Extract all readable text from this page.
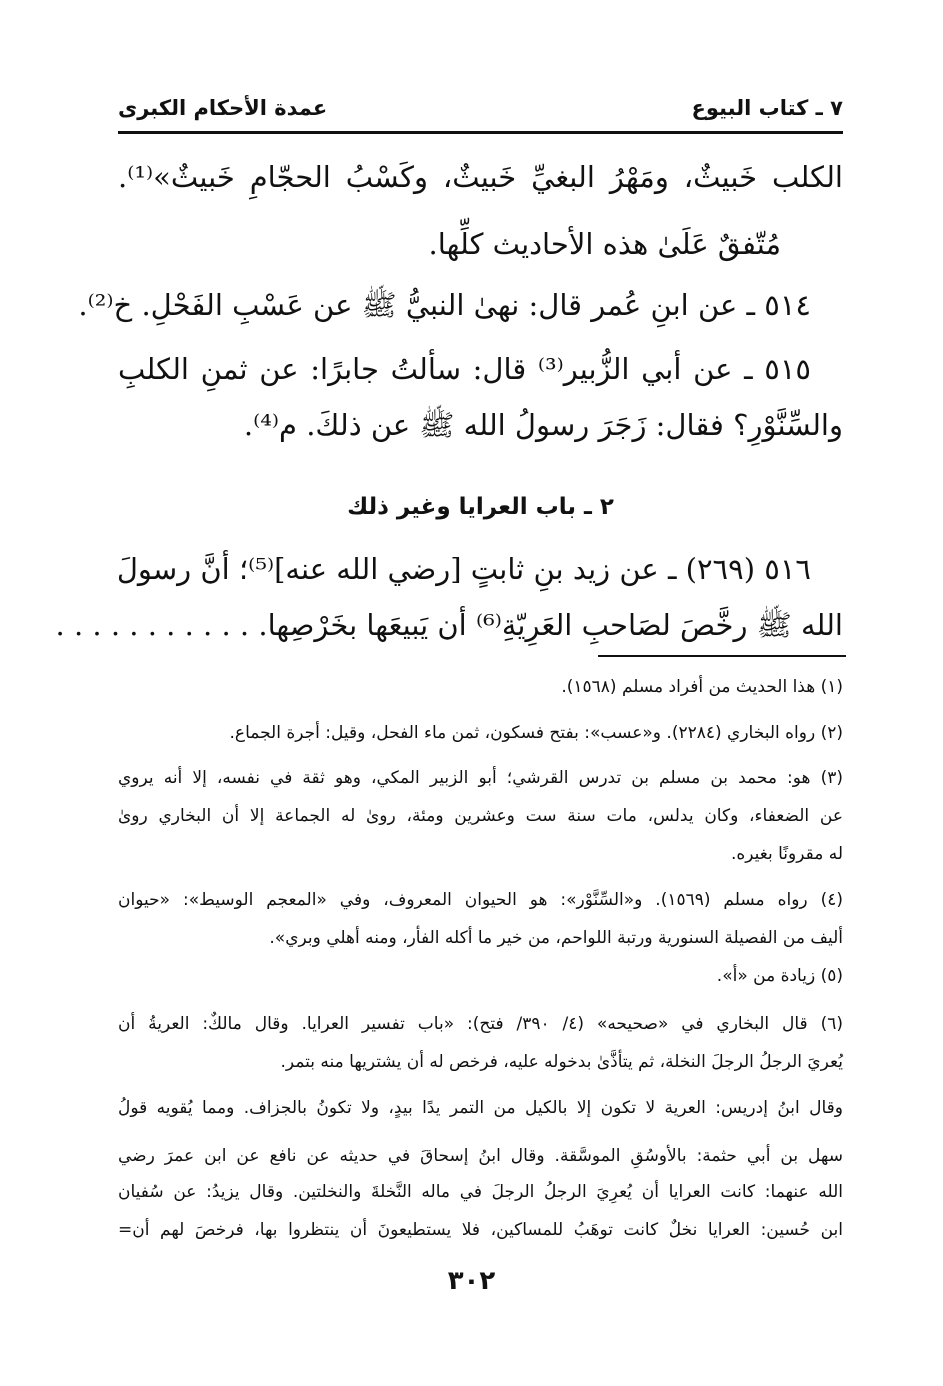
٧ ـ كتاب البيوع
عمدة الأحكام الكبرى
الكلب خَبيثٌ، ومَهْرُ البغيِّ خَبيثٌ، وكَسْبُ الحجّامِ خَبيثٌ»⁽¹⁾.
مُتّفقٌ عَلَىٰ هذه الأحاديث كلِّها.
٥١٤ ـ عن ابنِ عُمر قال: نهىٰ النبيُّ ﷺ عن عَسْبِ الفَحْلِ. خ⁽²⁾.
٥١٥ ـ عن أبي الزُّبير⁽³⁾ قال: سألتُ جابرًا: عن ثمنِ الكلبِ
والسِّنَّوْرِ؟ فقال: زَجَرَ رسولُ الله ﷺ عن ذلكَ. م⁽⁴⁾.
٢ ـ باب العرايا وغير ذلك
٥١٦ (٢٦٩) ـ عن زيد بنِ ثابتٍ [رضي الله عنه]⁽⁵⁾؛ أنَّ رسولَ
الله ﷺ رخَّصَ لصَاحبِ العَرِيّةِ⁽⁶⁾ أن يَبيعَها بخَرْصِها. . . . . . . . . . . .
(١) هذا الحديث من أفراد مسلم (١٥٦٨).
(٢) رواه البخاري (٢٢٨٤). و«عسب»: بفتح فسكون، ثمن ماء الفحل، وقيل: أجرة الجماع.
(٣) هو: محمد بن مسلم بن تدرس القرشي؛ أبو الزبير المكي، وهو ثقة في نفسه، إلا أنه يروي
عن الضعفاء، وكان يدلس، مات سنة ست وعشرين ومئة، روىٰ له الجماعة إلا أن البخاري روىٰ
له مقرونًا بغيره.
(٤) رواه مسلم (١٥٦٩). و«السِّنَّوْر»: هو الحيوان المعروف، وفي «المعجم الوسيط»: «حيوان
أليف من الفصيلة السنورية ورتبة اللواحم، من خير ما أكله الفأر، ومنه أهلي وبري».
(٥) زيادة من «أ».
(٦) قال البخاري في «صحيحه» (٤/ ٣٩٠/ فتح): «باب تفسير العرايا. وقال مالكٌ: العريةُ أن
يُعريَ الرجلُ الرجلَ النخلة، ثم يتأذَّىٰ بدخوله عليه، فرخص له أن يشتريها منه بتمر.
وقال ابنُ إدريس: العرية لا تكون إلا بالكيل من التمر يدًا بيدٍ، ولا تكونُ بالجزاف. ومما يُقويه قولُ
سهل بن أبي حثمة: بالأوسُقِ الموسَّقة. وقال ابنُ إسحاقَ في حديثه عن نافع عن ابن عمرَ رضي
الله عنهما: كانت العرايا أن يُعرِيَ الرجلُ الرجلَ في ماله النَّخلةَ والنخلتين. وقال يزيدُ: عن سُفيان
ابن حُسين: العرايا نخلٌ كانت توهَبُ للمساكين، فلا يستطيعونَ أن ينتظروا بها، فرخصَ لهم أن=
٣٠٢
